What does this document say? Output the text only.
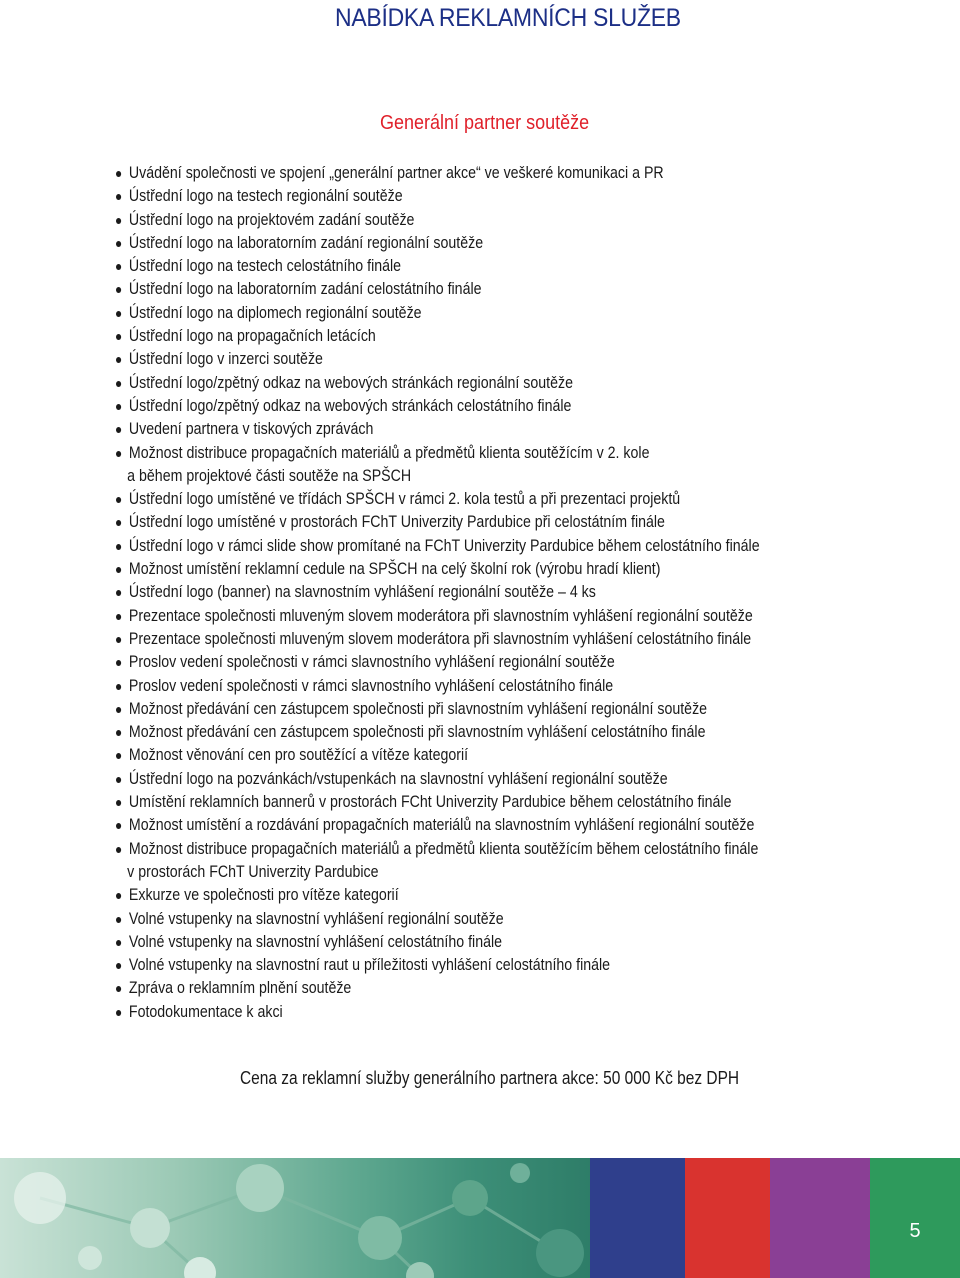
NABÍDKA REKLAMNÍCH SLUŽEB
Generální partner soutěže
Uvádění společnosti ve spojení „generální partner akce“ ve veškeré komunikaci a PR
Ústřední logo na testech regionální soutěže
Ústřední logo na projektovém zadání soutěže
Ústřední logo na laboratorním zadání regionální soutěže
Ústřední logo na testech celostátního finále
Ústřední logo na laboratorním zadání celostátního finále
Ústřední logo na diplomech regionální soutěže
Ústřední logo na propagačních letácích
Ústřední logo v inzerci soutěže
Ústřední logo/zpětný odkaz na webových stránkách regionální soutěže
Ústřední logo/zpětný odkaz na webových stránkách celostátního finále
Uvedení partnera v tiskových zprávách
Možnost distribuce propagačních materiálů a předmětů klienta soutěžícím v 2. kole
a během projektové části soutěže na SPŠCH
Ústřední logo umístěné ve třídách SPŠCH v rámci 2. kola testů a při prezentaci projektů
Ústřední logo umístěné v prostorách FChT Univerzity Pardubice při celostátním finále
Ústřední logo v rámci slide show promítané na FChT Univerzity Pardubice během celostátního finále
Možnost umístění reklamní cedule na SPŠCH na celý školní rok (výrobu hradí klient)
Ústřední logo (banner) na slavnostním vyhlášení regionální soutěže – 4 ks
Prezentace společnosti mluveným slovem moderátora při slavnostním vyhlášení regionální soutěže
Prezentace společnosti mluveným slovem moderátora při slavnostním vyhlášení celostátního finále
Proslov vedení společnosti v rámci slavnostního vyhlášení regionální soutěže
Proslov vedení společnosti v rámci slavnostního vyhlášení celostátního finále
Možnost předávání cen zástupcem společnosti při slavnostním vyhlášení regionální soutěže
Možnost předávání cen zástupcem společnosti při slavnostním vyhlášení celostátního finále
Možnost věnování cen pro soutěžící a vítěze kategorií
Ústřední logo na pozvánkách/vstupenkách na slavnostní vyhlášení regionální soutěže
Umístění reklamních bannerů v prostorách FCht Univerzity Pardubice během celostátního finále
Možnost umístění a rozdávání propagačních materiálů na slavnostním vyhlášení regionální soutěže
Možnost distribuce propagačních materiálů a předmětů klienta soutěžícím během celostátního finále
v prostorách FChT Univerzity Pardubice
Exkurze ve společnosti pro vítěze kategorií
Volné vstupenky na slavnostní vyhlášení regionální soutěže
Volné vstupenky na slavnostní vyhlášení celostátního finále
Volné vstupenky na slavnostní raut u příležitosti vyhlášení celostátního finále
Zpráva o reklamním plnění soutěže
Fotodokumentace k akci
Cena za reklamní služby generálního partnera akce: 50 000 Kč bez DPH
5
